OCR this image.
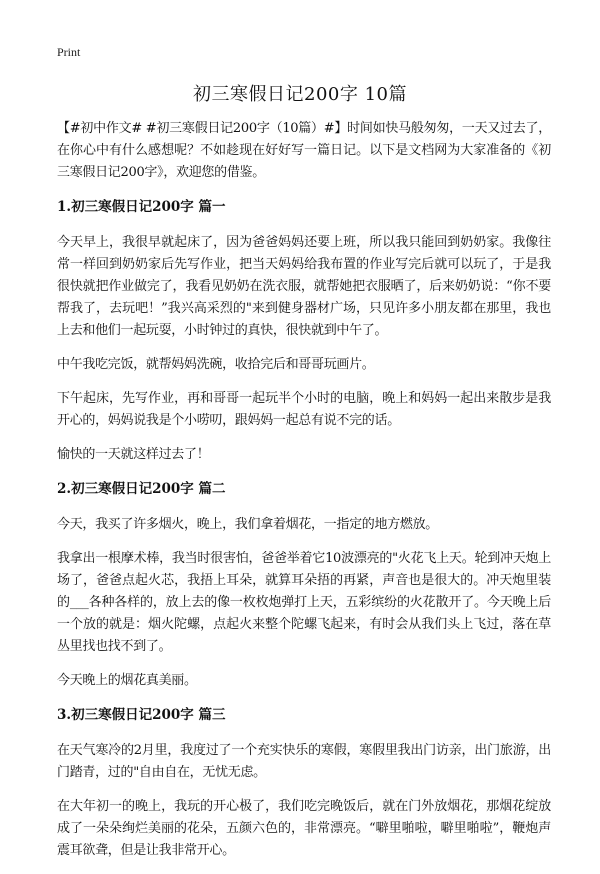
Print
初三寒假日记200字 10篇

【#初中作文# #初三寒假日记200字（10篇）#】时间如快马般匆匆，一天又过去了，在你心中有什么感想呢？不如趁现在好好写一篇日记。以下是文档网为大家准备的《初三寒假日记200字》，欢迎您的借鉴。

1.初三寒假日记200字 篇一

今天早上，我很早就起床了，因为爸爸妈妈还要上班，所以我只能回到奶奶家。我像往常一样回到奶奶家后先写作业，把当天妈妈给我布置的作业写完后就可以玩了，于是我很快就把作业做完了，我看见奶奶在洗衣服，就帮她把衣服晒了，后来奶奶说：“你不要帮我了，去玩吧！”我兴高采烈的"来到健身器材广场，只见许多小朋友都在那里，我也上去和他们一起玩耍，小时钟过的真快，很快就到中午了。

中午我吃完饭，就帮妈妈洗碗，收拾完后和哥哥玩画片。

下午起床，先写作业，再和哥哥一起玩半个小时的电脑，晚上和妈妈一起出来散步是我开心的，妈妈说我是个小唠叨，跟妈妈一起总有说不完的话。

愉快的一天就这样过去了！

2.初三寒假日记200字 篇二

今天，我买了许多烟火，晚上，我们拿着烟花，一指定的地方燃放。

我拿出一根摩术棒，我当时很害怕，爸爸举着它10波漂亮的"火花飞上天。轮到冲天炮上场了，爸爸点起火芯，我捂上耳朵，就算耳朵捂的再紧，声音也是很大的。冲天炮里装的___各种各样的，放上去的像一枚枚炮弹打上天，五彩缤纷的火花散开了。今天晚上后一个放的就是：烟火陀螺，点起火来整个陀螺飞起来，有时会从我们头上飞过，落在草丛里找也找不到了。

今天晚上的烟花真美丽。

3.初三寒假日记200字 篇三

在天气寒冷的2月里，我度过了一个充实快乐的寒假，寒假里我出门访亲，出门旅游，出门踏青，过的"自由自在，无忧无虑。

在大年初一的晚上，我玩的开心极了，我们吃完晚饭后，就在门外放烟花，那烟花绽放成了一朵朵绚烂美丽的花朵，五颜六色的，非常漂亮。“噼里啪啦，噼里啪啦”，鞭炮声震耳欲聋，但是让我非常开心。
